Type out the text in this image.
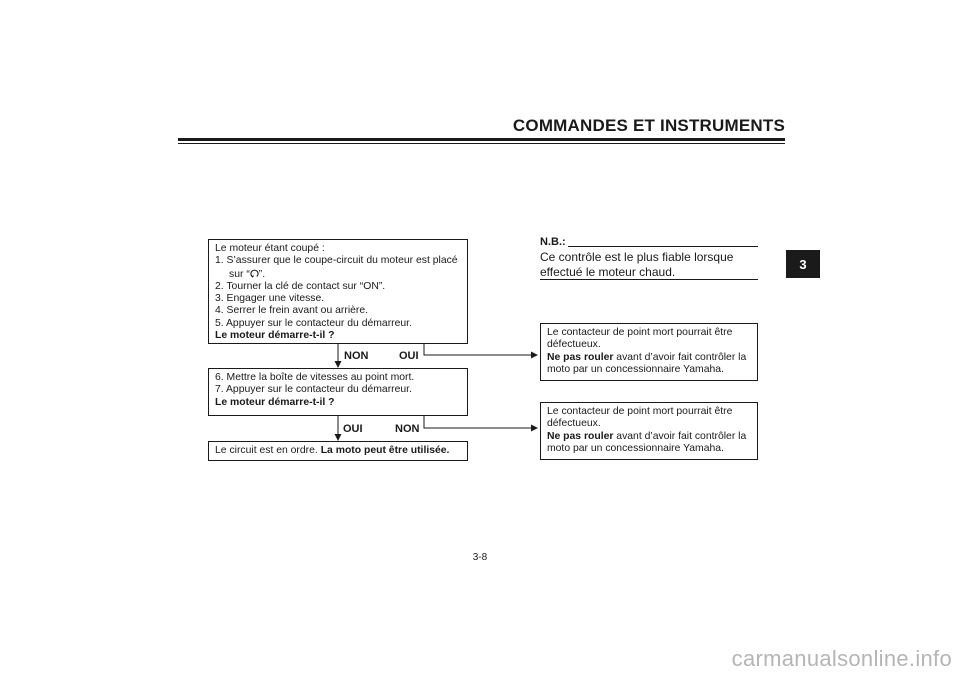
COMMANDES ET INSTRUMENTS
3
Le moteur étant coupé :
1. S’assurer que le coupe-circuit du moteur est placé
sur “ ”.
2. Tourner la clé de contact sur “ON”.
3. Engager une vitesse.
4. Serrer le frein avant ou arrière.
5. Appuyer sur le contacteur du démarreur.
Le moteur démarre-t-il ?
NON	OUI
6. Mettre la boîte de vitesses au point mort.
7. Appuyer sur le contacteur du démarreur.
Le moteur démarre-t-il ?
OUI	NON
Le circuit est en ordre. La moto peut être utilisée.
N.B.:
Ce contrôle est le plus fiable lorsque
effectué le moteur chaud.
Le contacteur de point mort pourrait être
défectueux.
Ne pas rouler avant d’avoir fait contrôler la
moto par un concessionnaire Yamaha.
Le contacteur de point mort pourrait être
défectueux.
Ne pas rouler avant d’avoir fait contrôler la
moto par un concessionnaire Yamaha.
3-8
carmanualsonline.info
